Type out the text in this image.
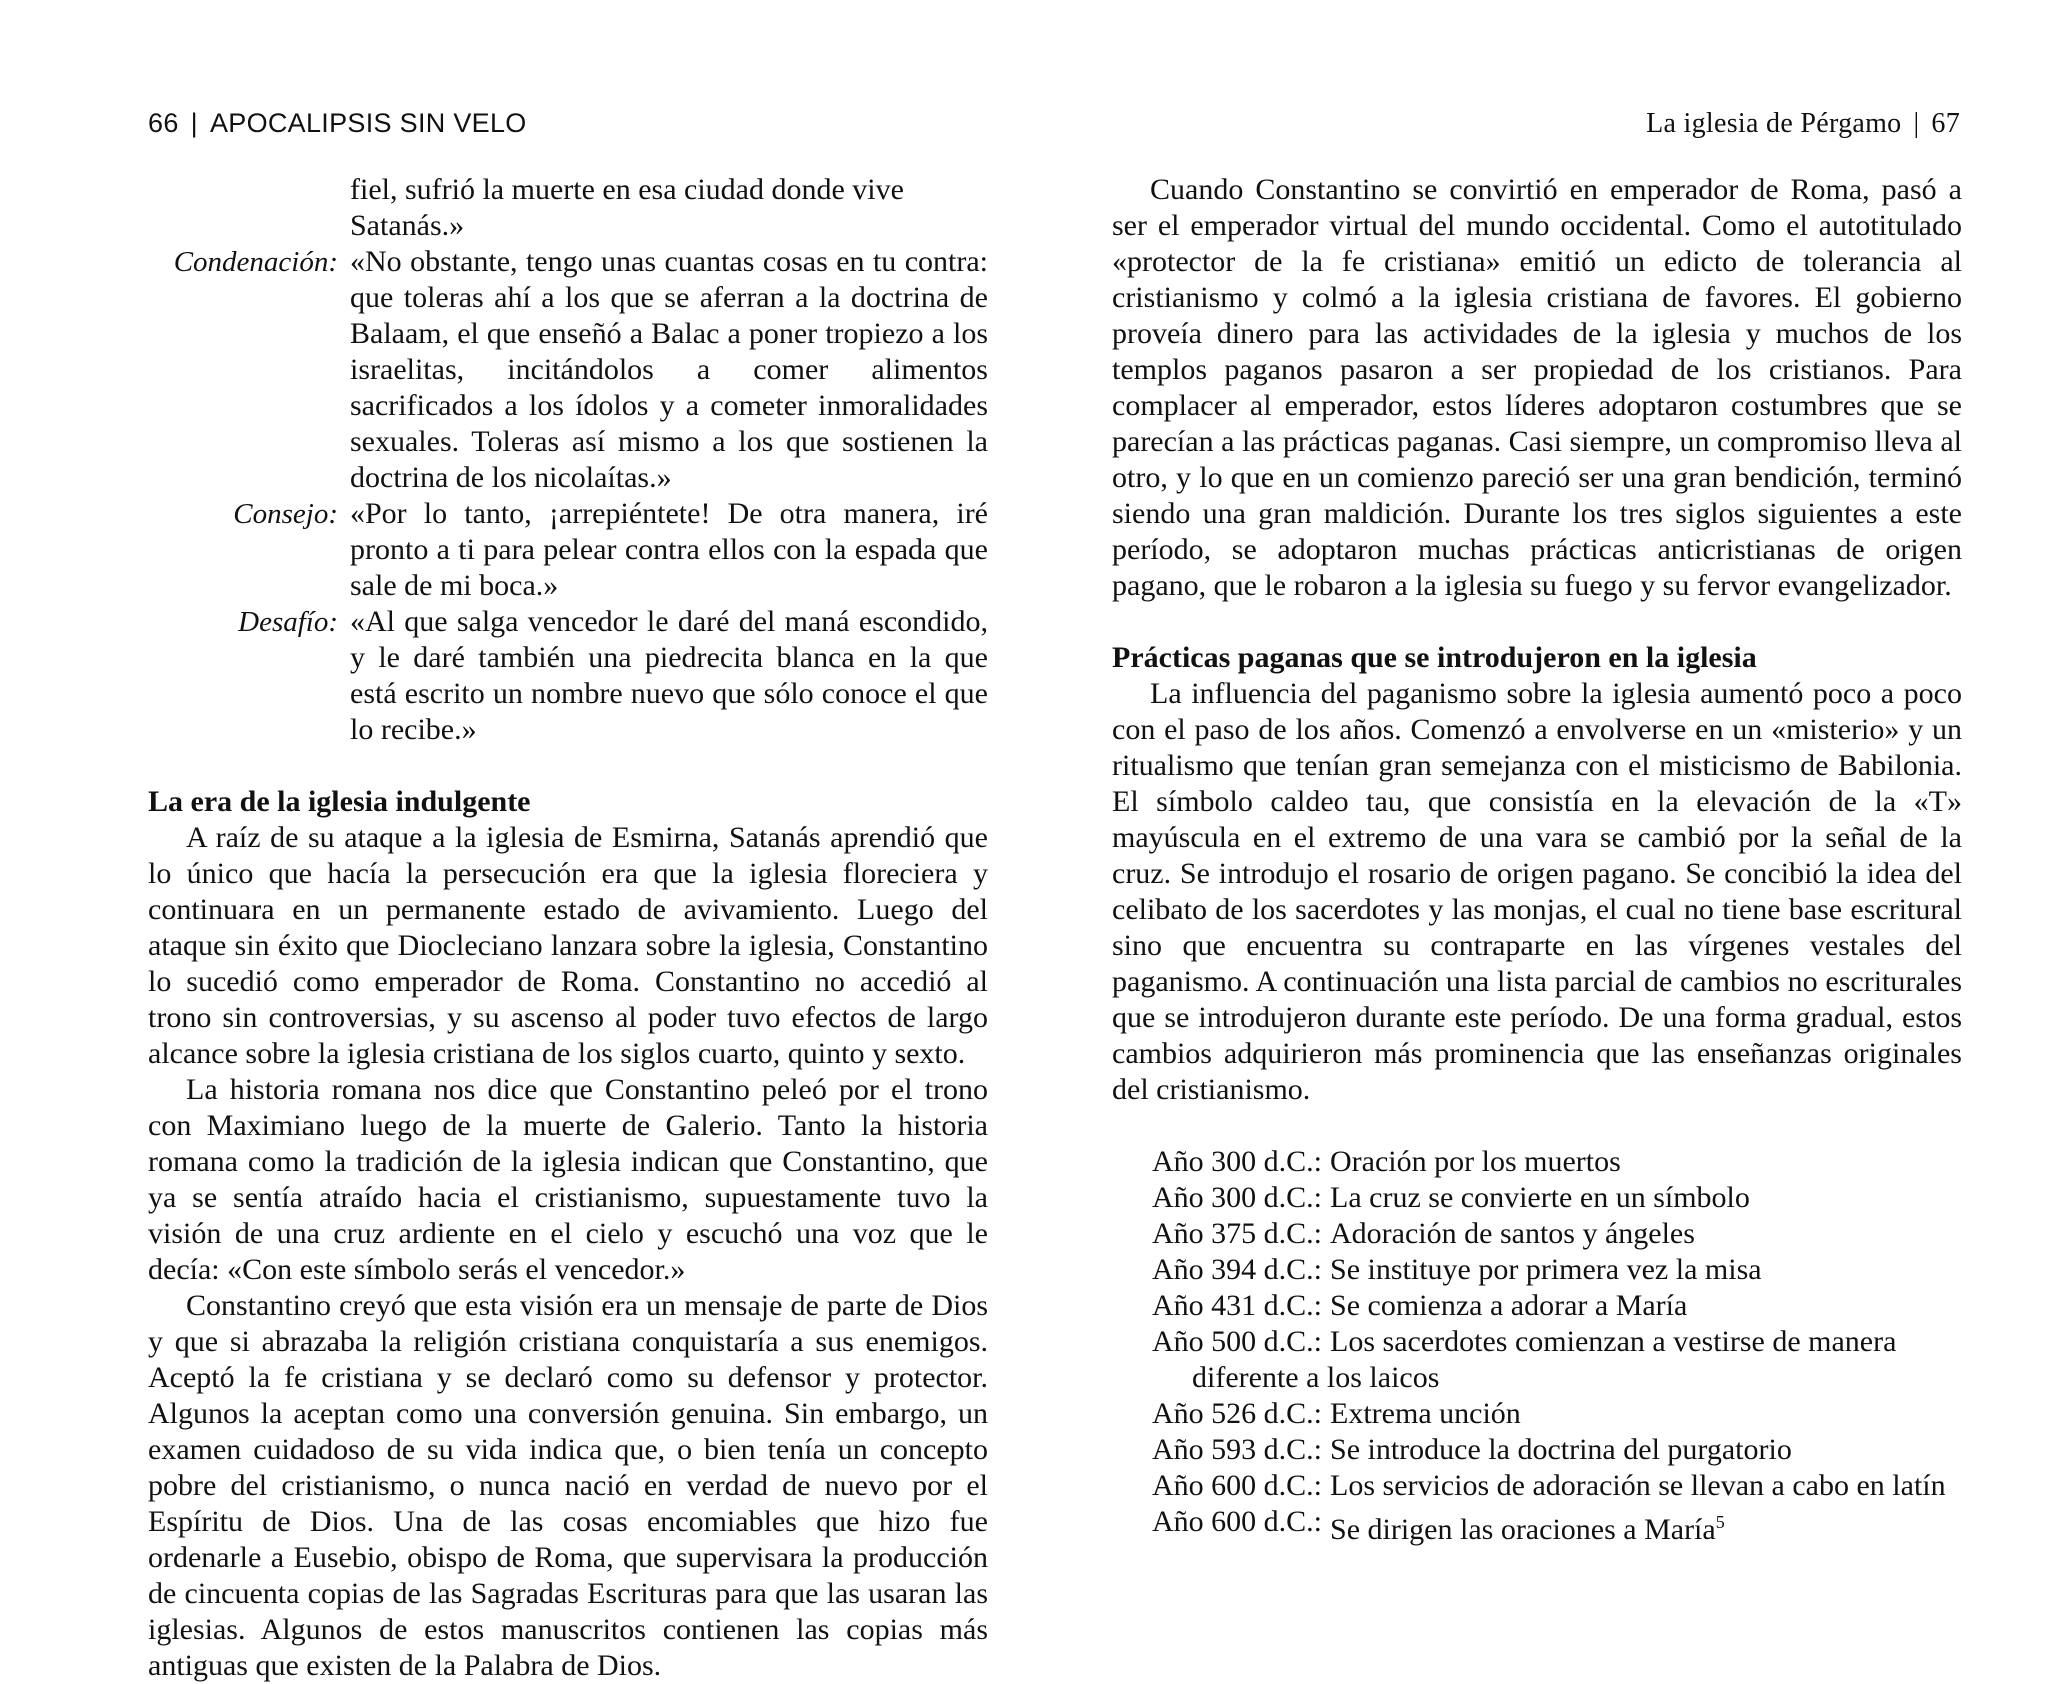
66 | APOCALIPSIS SIN VELO
fiel, sufrió la muerte en esa ciudad donde vive Satanás.»
Condenación: «No obstante, tengo unas cuantas cosas en tu contra: que toleras ahí a los que se aferran a la doctrina de Balaam, el que enseñó a Balac a poner tropiezo a los israelitas, incitándolos a comer alimentos sacrificados a los ídolos y a cometer inmoralidades sexuales. Toleras así mismo a los que sostienen la doctrina de los nicolaítas.»
Consejo: «Por lo tanto, ¡arrepiéntete! De otra manera, iré pronto a ti para pelear contra ellos con la espada que sale de mi boca.»
Desafío: «Al que salga vencedor le daré del maná escondido, y le daré también una piedrecita blanca en la que está escrito un nombre nuevo que sólo conoce el que lo recibe.»
La era de la iglesia indulgente

A raíz de su ataque a la iglesia de Esmirna, Satanás aprendió que lo único que hacía la persecución era que la iglesia floreciera y continuara en un permanente estado de avivamiento. Luego del ataque sin éxito que Diocleciano lanzara sobre la iglesia, Constantino lo sucedió como emperador de Roma. Constantino no accedió al trono sin controversias, y su ascenso al poder tuvo efectos de largo alcance sobre la iglesia cristiana de los siglos cuarto, quinto y sexto.

La historia romana nos dice que Constantino peleó por el trono con Maximiano luego de la muerte de Galerio. Tanto la historia romana como la tradición de la iglesia indican que Constantino, que ya se sentía atraído hacia el cristianismo, supuestamente tuvo la visión de una cruz ardiente en el cielo y escuchó una voz que le decía: «Con este símbolo serás el vencedor.»

Constantino creyó que esta visión era un mensaje de parte de Dios y que si abrazaba la religión cristiana conquistaría a sus enemigos. Aceptó la fe cristiana y se declaró como su defensor y protector. Algunos la aceptan como una conversión genuina. Sin embargo, un examen cuidadoso de su vida indica que, o bien tenía un concepto pobre del cristianismo, o nunca nació en verdad de nuevo por el Espíritu de Dios. Una de las cosas encomiables que hizo fue ordenarle a Eusebio, obispo de Roma, que supervisara la producción de cincuenta copias de las Sagradas Escrituras para que las usaran las iglesias. Algunos de estos manuscritos contienen las copias más antiguas que existen de la Palabra de Dios.

La iglesia de Pérgamo | 67

Cuando Constantino se convirtió en emperador de Roma, pasó a ser el emperador virtual del mundo occidental. Como el autotitulado «protector de la fe cristiana» emitió un edicto de tolerancia al cristianismo y colmó a la iglesia cristiana de favores. El gobierno proveía dinero para las actividades de la iglesia y muchos de los templos paganos pasaron a ser propiedad de los cristianos. Para complacer al emperador, estos líderes adoptaron costumbres que se parecían a las prácticas paganas. Casi siempre, un compromiso lleva al otro, y lo que en un comienzo pareció ser una gran bendición, terminó siendo una gran maldición. Durante los tres siglos siguientes a este período, se adoptaron muchas prácticas anticristianas de origen pagano, que le robaron a la iglesia su fuego y su fervor evangelizador.

Prácticas paganas que se introdujeron en la iglesia

La influencia del paganismo sobre la iglesia aumentó poco a poco con el paso de los años. Comenzó a envolverse en un «misterio» y un ritualismo que tenían gran semejanza con el misticismo de Babilonia. El símbolo caldeo tau, que consistía en la elevación de la «T» mayúscula en el extremo de una vara se cambió por la señal de la cruz. Se introdujo el rosario de origen pagano. Se concibió la idea del celibato de los sacerdotes y las monjas, el cual no tiene base escritural sino que encuentra su contraparte en las vírgenes vestales del paganismo. A continuación una lista parcial de cambios no escriturales que se introdujeron durante este período. De una forma gradual, estos cambios adquirieron más prominencia que las enseñanzas originales del cristianismo.

Año 300 d.C.: Oración por los muertos
Año 300 d.C.: La cruz se convierte en un símbolo
Año 375 d.C.: Adoración de santos y ángeles
Año 394 d.C.: Se instituye por primera vez la misa
Año 431 d.C.: Se comienza a adorar a María
Año 500 d.C.: Los sacerdotes comienzan a vestirse de manera
diferente a los laicos
Año 526 d.C.: Extrema unción
Año 593 d.C.: Se introduce la doctrina del purgatorio
Año 600 d.C.: Los servicios de adoración se llevan a cabo en latín
Año 600 d.C.: Se dirigen las oraciones a María$^5$
